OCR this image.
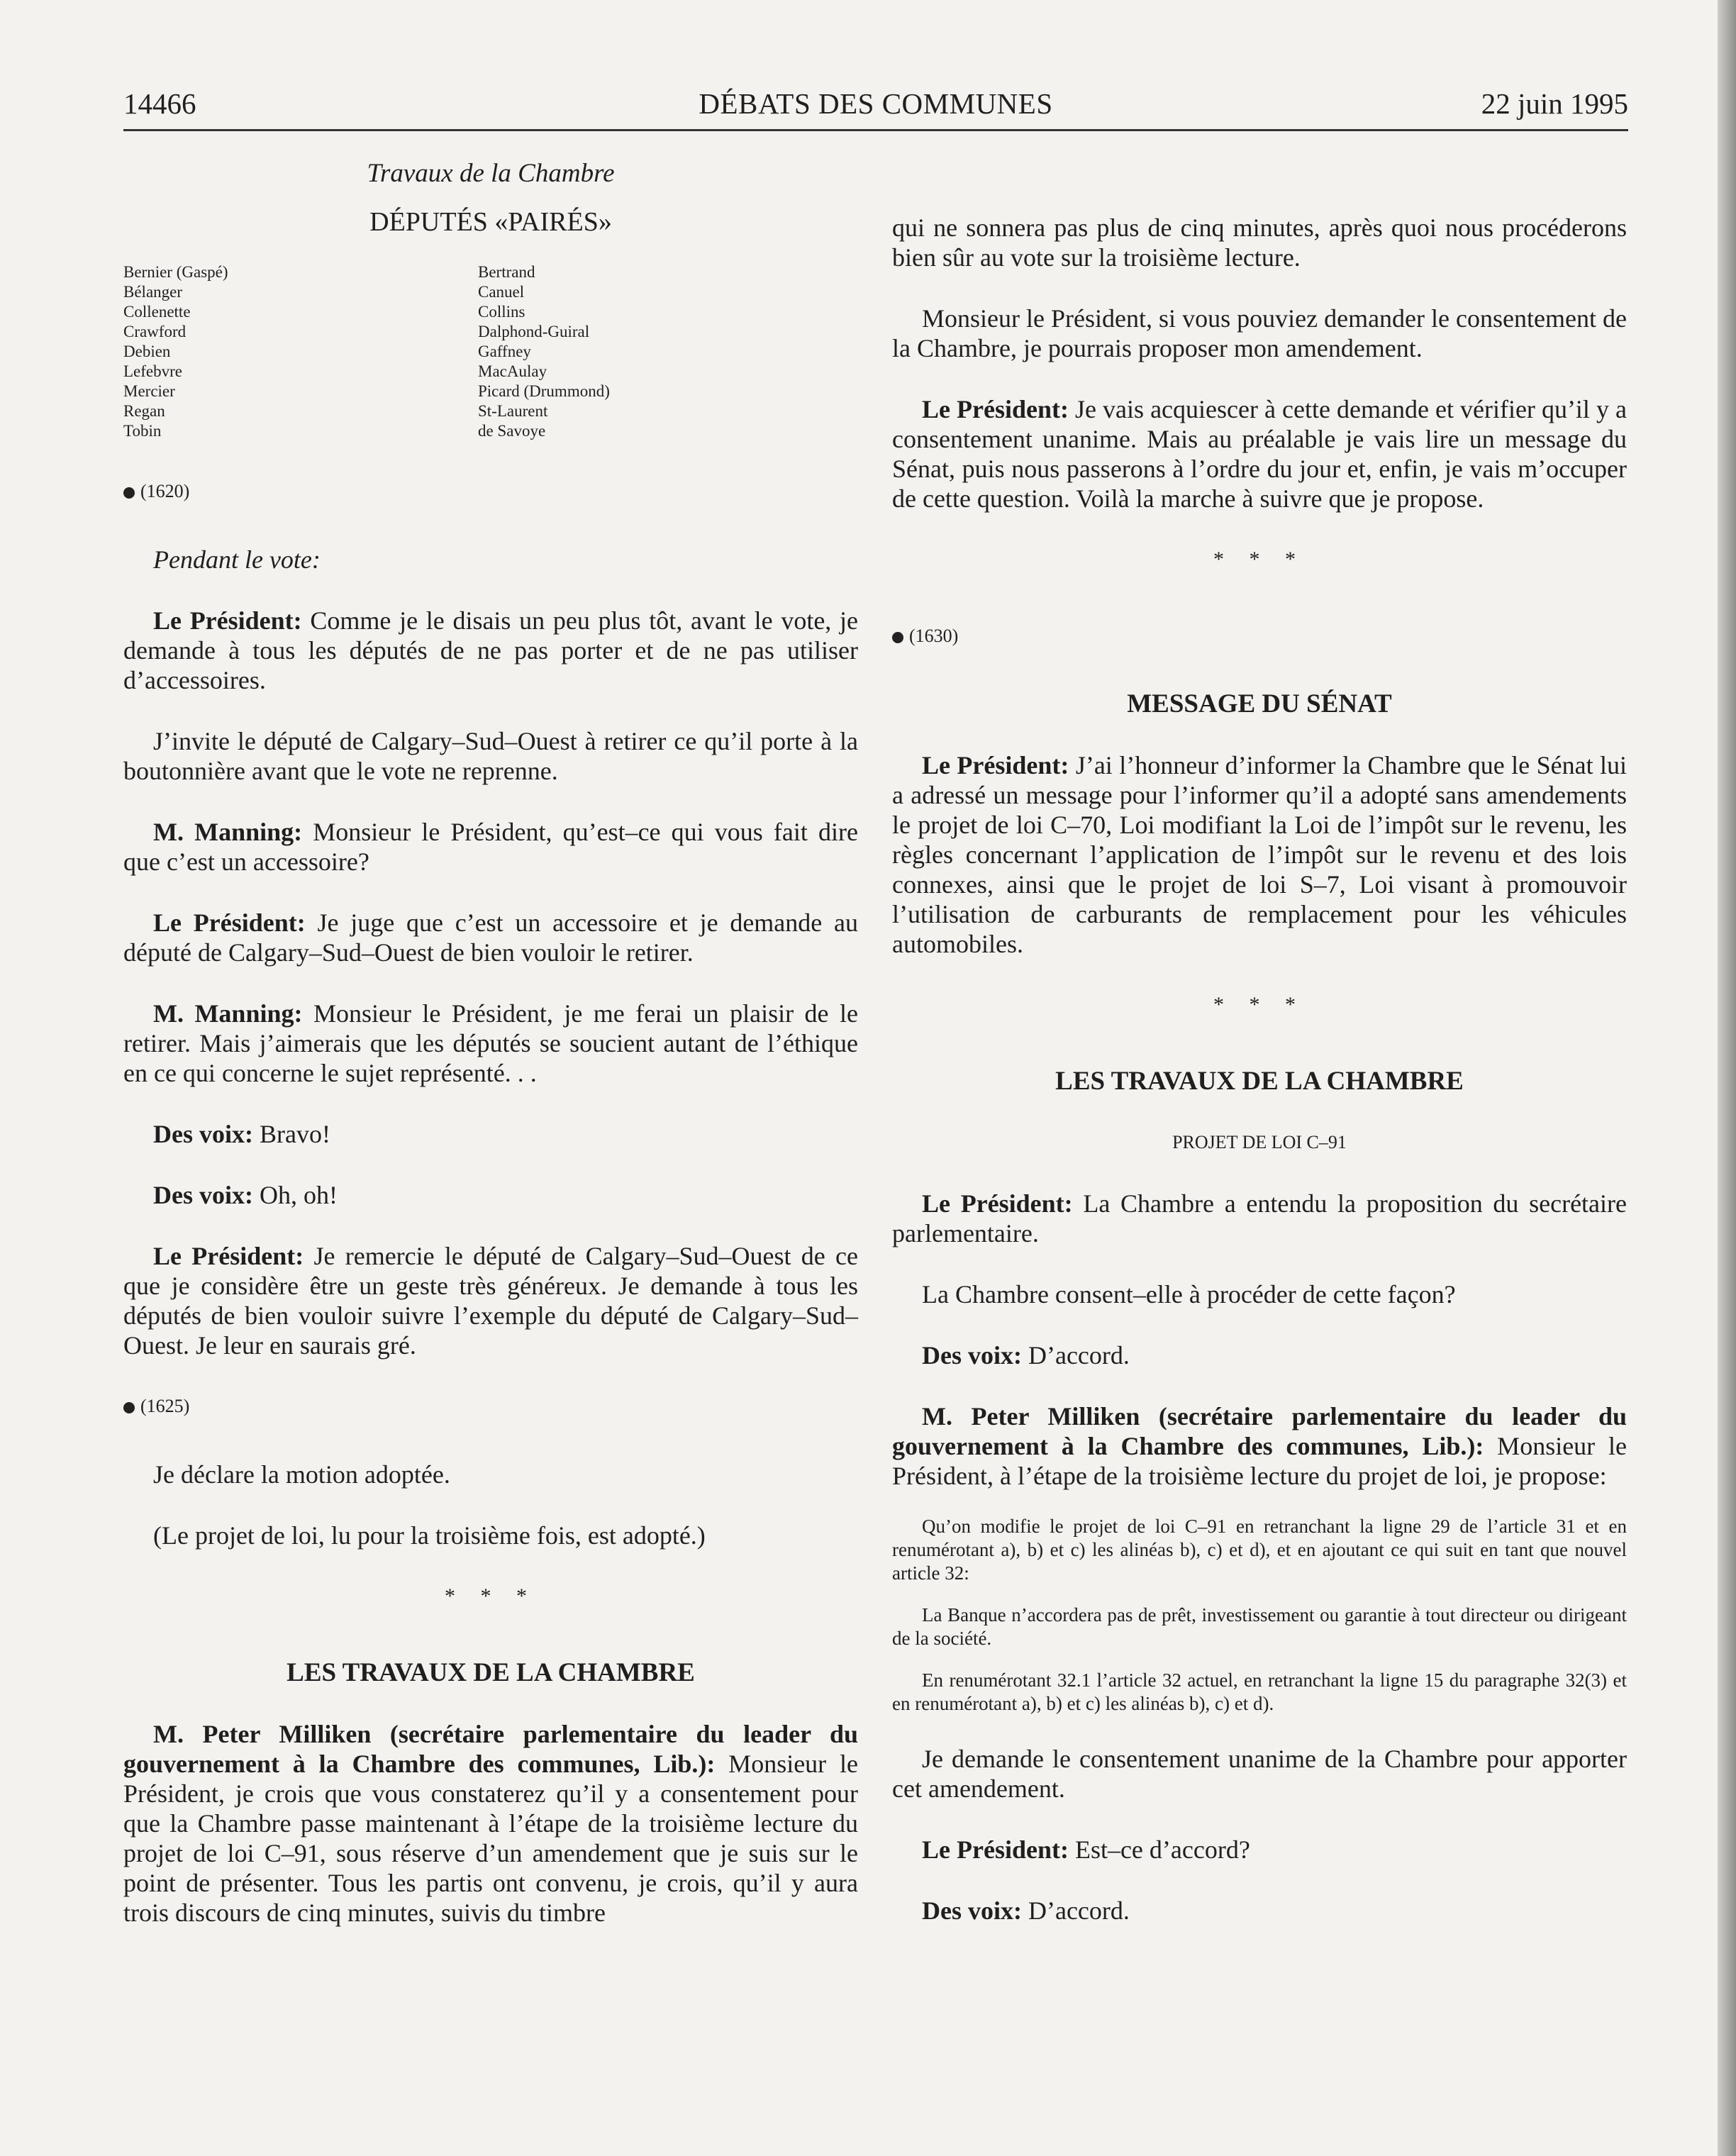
14466	DÉBATS DES COMMUNES	22 juin 1995
Travaux de la Chambre
DÉPUTÉS «PAIRÉS»
Bernier (Gaspé)
Bélanger
Collenette
Crawford
Debien
Lefebvre
Mercier
Regan
Tobin
Bertrand
Canuel
Collins
Dalphond-Guiral
Gaffney
MacAulay
Picard (Drummond)
St-Laurent
de Savoye
(1620)

Pendant le vote:

Le Président: Comme je le disais un peu plus tôt, avant le vote, je demande à tous les députés de ne pas porter et de ne pas utiliser d’accessoires.

J’invite le député de Calgary–Sud–Ouest à retirer ce qu’il porte à la boutonnière avant que le vote ne reprenne.

M. Manning: Monsieur le Président, qu’est–ce qui vous fait dire que c’est un accessoire?

Le Président: Je juge que c’est un accessoire et je demande au député de Calgary–Sud–Ouest de bien vouloir le retirer.

M. Manning: Monsieur le Président, je me ferai un plaisir de le retirer. Mais j’aimerais que les députés se soucient autant de l’éthique en ce qui concerne le sujet représenté. . .

Des voix: Bravo!

Des voix: Oh, oh!

Le Président: Je remercie le député de Calgary–Sud–Ouest de ce que je considère être un geste très généreux. Je demande à tous les députés de bien vouloir suivre l’exemple du député de Calgary–Sud–Ouest. Je leur en saurais gré.

(1625)

Je déclare la motion adoptée.

(Le projet de loi, lu pour la troisième fois, est adopté.)

* * *
LES TRAVAUX DE LA CHAMBRE

M. Peter Milliken (secrétaire parlementaire du leader du gouvernement à la Chambre des communes, Lib.): Monsieur le Président, je crois que vous constaterez qu’il y a consentement pour que la Chambre passe maintenant à l’étape de la troisième lecture du projet de loi C–91, sous réserve d’un amendement que je suis sur le point de présenter. Tous les partis ont convenu, je crois, qu’il y aura trois discours de cinq minutes, suivis du timbre

qui ne sonnera pas plus de cinq minutes, après quoi nous procéderons bien sûr au vote sur la troisième lecture.

Monsieur le Président, si vous pouviez demander le consentement de la Chambre, je pourrais proposer mon amendement.

Le Président: Je vais acquiescer à cette demande et vérifier qu’il y a consentement unanime. Mais au préalable je vais lire un message du Sénat, puis nous passerons à l’ordre du jour et, enfin, je vais m’occuper de cette question. Voilà la marche à suivre que je propose.

* * *
(1630)
MESSAGE DU SÉNAT

Le Président: J’ai l’honneur d’informer la Chambre que le Sénat lui a adressé un message pour l’informer qu’il a adopté sans amendements le projet de loi C–70, Loi modifiant la Loi de l’impôt sur le revenu, les règles concernant l’application de l’impôt sur le revenu et des lois connexes, ainsi que le projet de loi S–7, Loi visant à promouvoir l’utilisation de carburants de remplacement pour les véhicules automobiles.

* * *
LES TRAVAUX DE LA CHAMBRE
PROJET DE LOI C–91

Le Président: La Chambre a entendu la proposition du secrétaire parlementaire.

La Chambre consent–elle à procéder de cette façon?

Des voix: D’accord.

M. Peter Milliken (secrétaire parlementaire du leader du gouvernement à la Chambre des communes, Lib.): Monsieur le Président, à l’étape de la troisième lecture du projet de loi, je propose:

Qu’on modifie le projet de loi C–91 en retranchant la ligne 29 de l’article 31 et en renumérotant a), b) et c) les alinéas b), c) et d), et en ajoutant ce qui suit en tant que nouvel article 32:

La Banque n’accordera pas de prêt, investissement ou garantie à tout directeur ou dirigeant de la société.

En renumérotant 32.1 l’article 32 actuel, en retranchant la ligne 15 du paragraphe 32(3) et en renumérotant a), b) et c) les alinéas b), c) et d).

Je demande le consentement unanime de la Chambre pour apporter cet amendement.

Le Président: Est–ce d’accord?

Des voix: D’accord.
